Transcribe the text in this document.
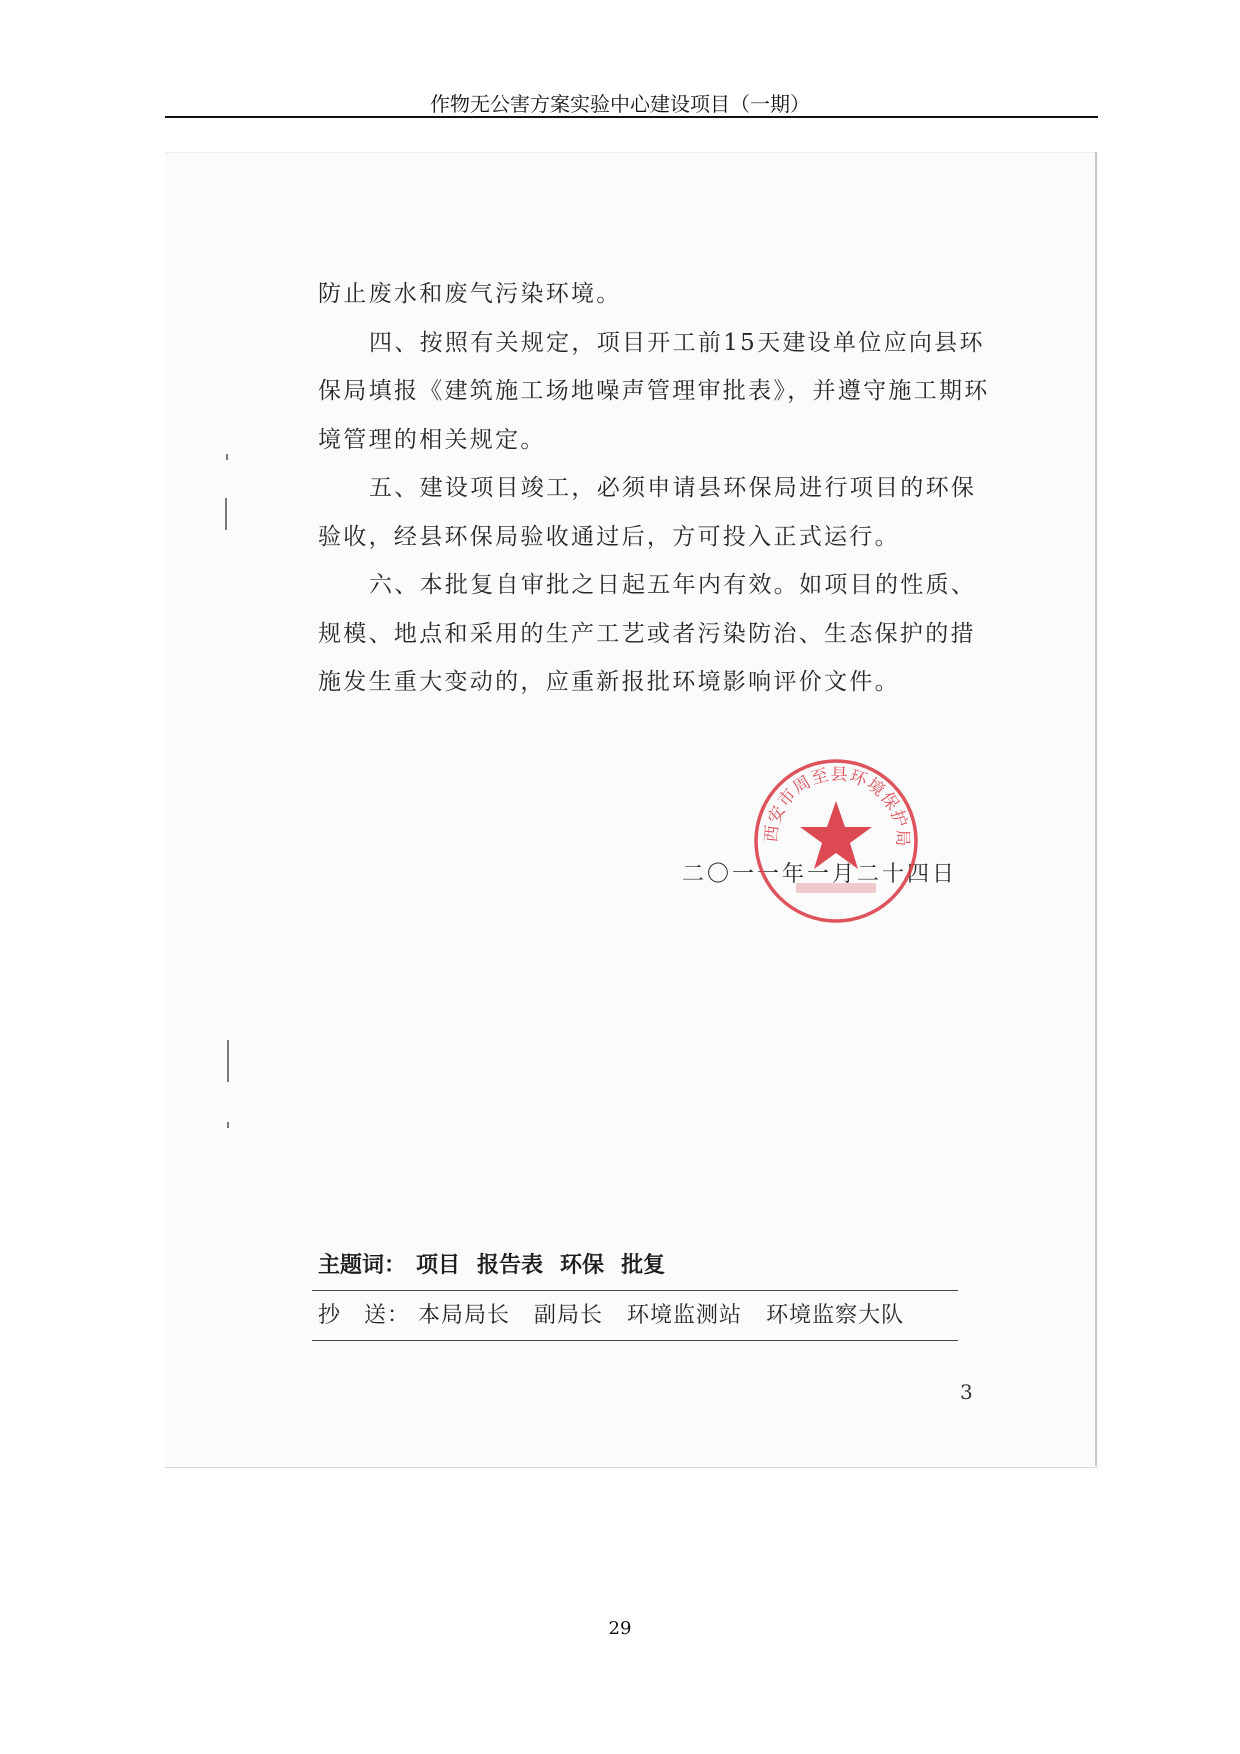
作物无公害方案实验中心建设项目（一期）

防止废水和废气污染环境。

四、按照有关规定，项目开工前15天建设单位应向县环保局填报《建筑施工场地噪声管理审批表》，并遵守施工期环境管理的相关规定。

五、建设项目竣工，必须申请县环保局进行项目的环保验收，经县环保局验收通过后，方可投入正式运行。

六、本批复自审批之日起五年内有效。如项目的性质、规模、地点和采用的生产工艺或者污染防治、生态保护的措施发生重大变动的，应重新报批环境影响评价文件。

二〇一一年一月二十四日
西安市周至县环境保护局
主题词： 项目 报告表 环保 批复
抄　送： 本局局长 副局长 环境监测站 环境监察大队
3
29
